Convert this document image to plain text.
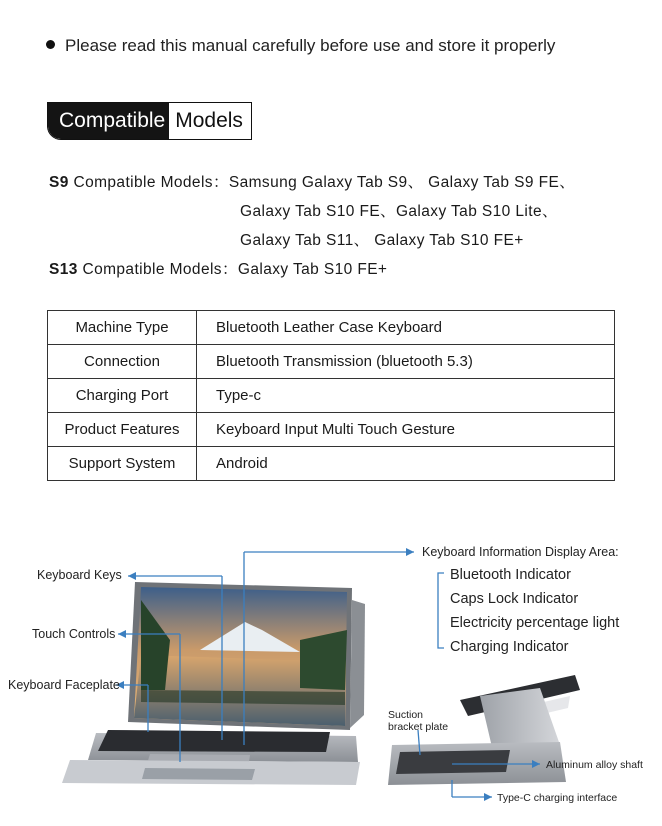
Please read this manual carefully before use and store it properly
Compatible Models
S9 Compatible Models：Samsung Galaxy Tab S9、 Galaxy Tab S9 FE、
Galaxy Tab S10 FE、Galaxy Tab S10 Lite、
Galaxy Tab S11、 Galaxy Tab S10 FE+
S13 Compatible Models：Galaxy Tab S10 FE+
Machine Type	Bluetooth Leather Case Keyboard
Connection	Bluetooth Transmission (bluetooth 5.3)
Charging Port	Type-c
Product Features	Keyboard Input Multi Touch Gesture
Support System	Android
Keyboard Keys
Touch Controls
Keyboard Faceplate
Keyboard Information Display Area:
Bluetooth Indicator
Caps Lock Indicator
Electricity percentage light
Charging Indicator
Suction
bracket plate
Aluminum alloy shaft
Type-C charging interface
